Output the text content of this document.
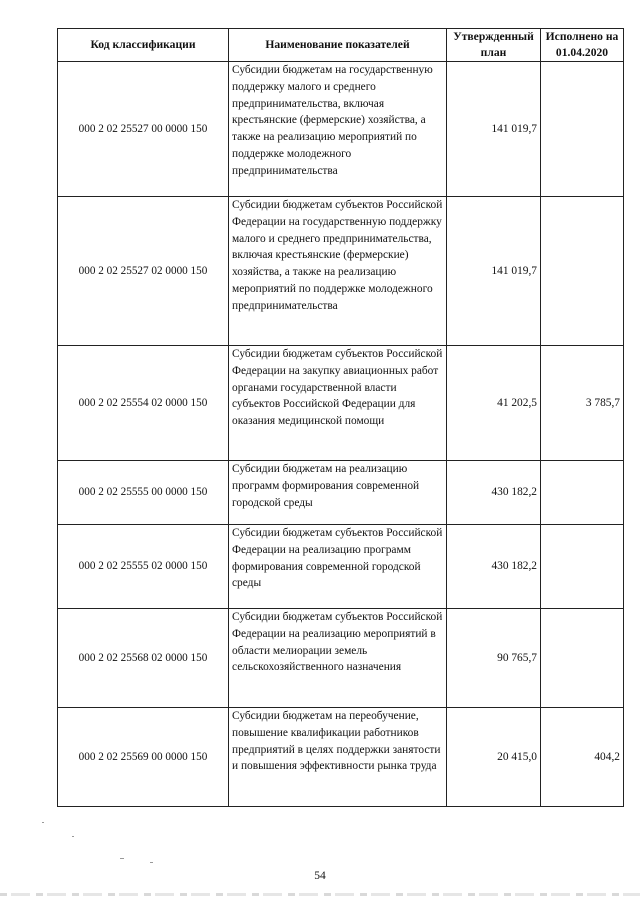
Код классификации	Наименование показателей	Утвержденный план	Исполнено на 01.04.2020
000 2 02 25527 00 0000 150	Субсидии бюджетам на государственную поддержку малого и среднего предпринимательства, включая крестьянские (фермерские) хозяйства, а также на реализацию мероприятий по поддержке молодежного предпринимательства	141 019,7	
000 2 02 25527 02 0000 150	Субсидии бюджетам субъектов Российской Федерации на государственную поддержку малого и среднего предпринимательства, включая крестьянские (фермерские) хозяйства, а также на реализацию мероприятий по поддержке молодежного предпринимательства	141 019,7	
000 2 02 25554 02 0000 150	Субсидии бюджетам субъектов Российской Федерации на закупку авиационных работ органами государственной власти субъектов Российской Федерации для оказания медицинской помощи	41 202,5	3 785,7
000 2 02 25555 00 0000 150	Субсидии бюджетам на реализацию программ формирования современной городской среды	430 182,2	
000 2 02 25555 02 0000 150	Субсидии бюджетам субъектов Российской Федерации на реализацию программ формирования современной городской среды	430 182,2	
000 2 02 25568 02 0000 150	Субсидии бюджетам субъектов Российской Федерации на реализацию мероприятий в области мелиорации земель сельскохозяйственного назначения	90 765,7	
000 2 02 25569 00 0000 150	Субсидии бюджетам на переобучение, повышение квалификации работников предприятий в целях поддержки занятости и повышения эффективности рынка труда	20 415,0	404,2
54
